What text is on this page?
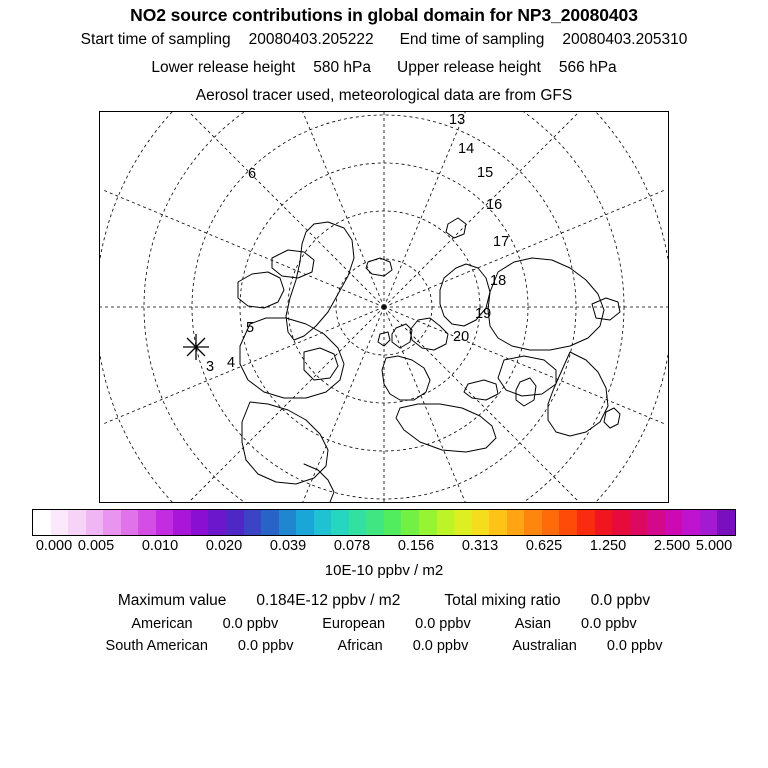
NO2 source contributions in global domain for NP3_20080403
Start time of sampling 20080403.205222 End time of sampling 20080403.205310
Lower release height 580 hPa Upper release height 566 hPa
Aerosol tracer used, meteorological data are from GFS
3 4
5
6
13
14
15
16
17
18
19
20
0.000 0.005 0.010 0.020 0.039 0.078 0.156 0.313 0.625 1.250 2.500 5.000
10E-10 ppbv / m2
Maximum value 0.184E-12 ppbv / m2	Total mixing ratio 0.0 ppbv
American 0.0 ppbv	European 0.0 ppbv	Asian 0.0 ppbv
South American 0.0 ppbv	African 0.0 ppbv	Australian 0.0 ppbv
